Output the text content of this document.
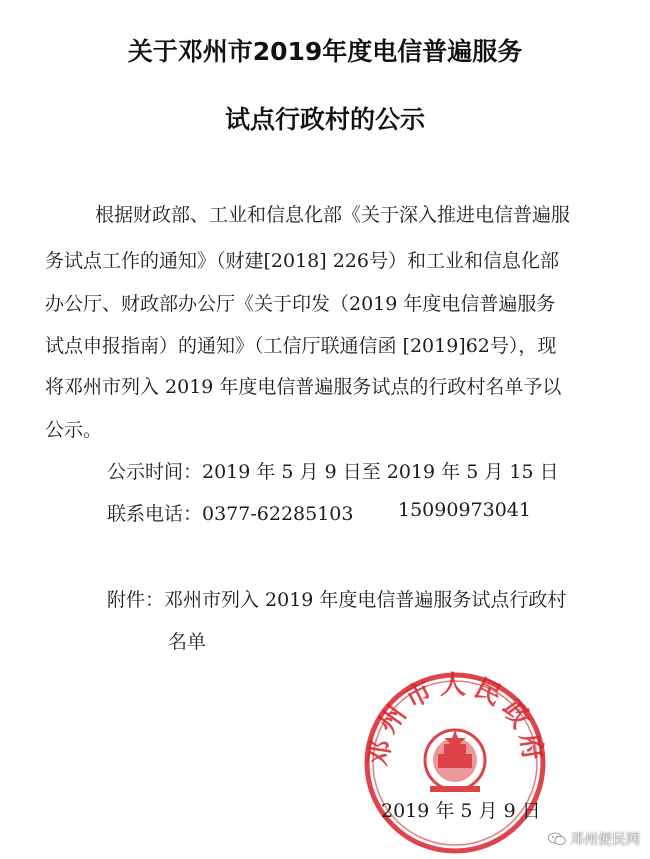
关于邓州市2019年度电信普遍服务
试点行政村的公示
根据财政部、工业和信息化部《关于深入推进电信普遍服
务试点工作的通知》（财建[2018] 226号）和工业和信息化部
办公厅、财政部办公厅《关于印发（2019 年度电信普遍服务
试点申报指南）的通知》（工信厅联通信函 [2019]62号），现
将邓州市列入 2019 年度电信普遍服务试点的行政村名单予以
公示。
公示时间：2019 年 5 月 9 日至 2019 年 5 月 15 日
联系电话：0377-62285103 15090973041
附件：邓州市列入 2019 年度电信普遍服务试点行政村
名单
邓州市人民政府
2019 年 5 月 9 日
邓州便民网
